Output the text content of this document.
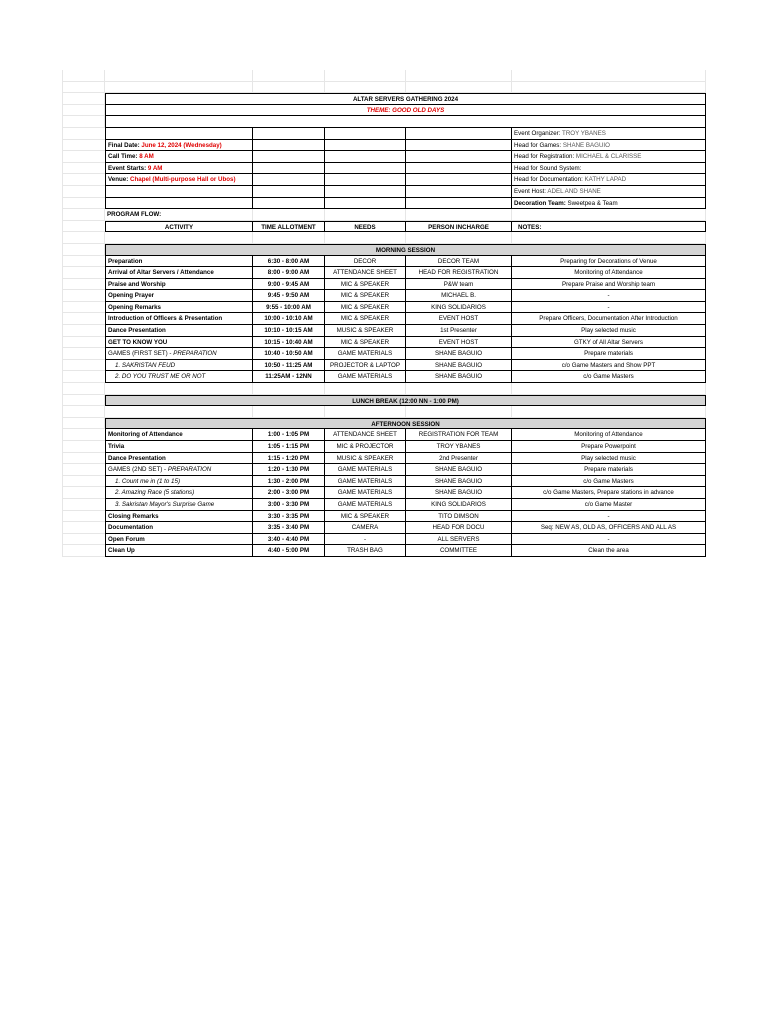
ALTAR SERVERS GATHERING 2024
THEME: GOOD OLD DAYS
Event Organizer: TROY YBANES
Final Date: June 12, 2024 (Wednesday)	Head for Games: SHANE BAGUIO
Call Time: 8 AM	Head for Registration: MICHAEL & CLARISSE
Event Starts: 9 AM	Head for Sound System:
Venue: Chapel (Multi-purpose Hall or Ubos)	Head for Documentation: KATHY LAPAD
Event Host: ADEL AND SHANE
Decoration Team: Sweetpea & Team
PROGRAM FLOW:
ACTIVITY	TIME ALLOTMENT	NEEDS	PERSON INCHARGE	NOTES:
MORNING SESSION
Preparation	6:30 - 8:00 AM	DECOR	DECOR TEAM	Preparing for Decorations of Venue
Arrival of Altar Servers / Attendance	8:00 - 9:00 AM	ATTENDANCE SHEET	HEAD FOR REGISTRATION	Monitoring of Attendance
Praise and Worship	9:00 - 9:45 AM	MIC & SPEAKER	P&W team	Prepare Praise and Worship team
Opening Prayer	9:45 - 9:50 AM	MIC & SPEAKER	MICHAEL B.	-
Opening Remarks	9:55 - 10:00 AM	MIC & SPEAKER	KING SOLIDARIOS	-
Introduction of Officers & Presentation	10:00 - 10:10 AM	MIC & SPEAKER	EVENT HOST	Prepare Officers, Documentation After Introduction
Dance Presentation	10:10 - 10:15 AM	MUSIC & SPEAKER	1st Presenter	Play selected music
GET TO KNOW YOU	10:15 - 10:40 AM	MIC & SPEAKER	EVENT HOST	GTKY of All Altar Servers
GAMES (FIRST SET) - PREPARATION	10:40 - 10:50 AM	GAME MATERIALS	SHANE BAGUIO	Prepare materials
1. SAKRISTAN FEUD	10:50 - 11:25 AM	PROJECTOR & LAPTOP	SHANE BAGUIO	c/o Game Masters and Show PPT
2. DO YOU TRUST ME OR NOT	11:25AM - 12NN	GAME MATERIALS	SHANE BAGUIO	c/o Game Masters
LUNCH BREAK (12:00 NN - 1:00 PM)
AFTERNOON SESSION
Monitoring of Attendance	1:00 - 1:05 PM	ATTENDANCE SHEET	REGISTRATION FOR TEAM	Monitoring of Attendance
Trivia	1:05 - 1:15 PM	MIC & PROJECTOR	TROY YBANES	Prepare Powerpoint
Dance Presentation	1:15 - 1:20 PM	MUSIC & SPEAKER	2nd Presenter	Play selected music
GAMES (2ND SET) - PREPARATION	1:20 - 1:30 PM	GAME MATERIALS	SHANE BAGUIO	Prepare materials
1. Count me in (1 to 15)	1:30 - 2:00 PM	GAME MATERIALS	SHANE BAGUIO	c/o Game Masters
2. Amazing Race (5 stations)	2:00 - 3:00 PM	GAME MATERIALS	SHANE BAGUIO	c/o Game Masters, Prepare stations in advance
3. Sakristan Mayor's Surprise Game	3:00 - 3:30 PM	GAME MATERIALS	KING SOLIDARIOS	c/o Game Master
Closing Remarks	3:30 - 3:35 PM	MIC & SPEAKER	TITO DIMSON	-
Documentation	3:35 - 3:40 PM	CAMERA	HEAD FOR DOCU	Seq: NEW AS, OLD AS, OFFICERS AND ALL AS
Open Forum	3:40 - 4:40 PM	-	ALL SERVERS	-
Clean Up	4:40 - 5:00 PM	TRASH BAG	COMMITTEE	Clean the area
